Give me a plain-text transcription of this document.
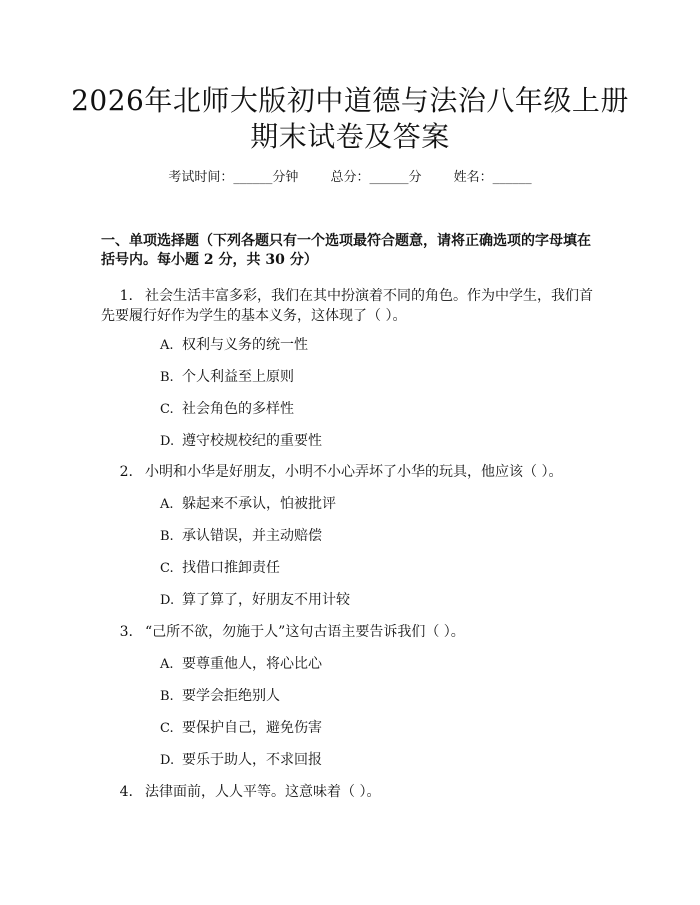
2026年北师大版初中道德与法治八年级上册
期末试卷及答案
考试时间：______分钟 总分：______分 姓名：______
一、单项选择题（下列各题只有一个选项最符合题意，请将正确选项的字母填在
括号内。每小题 2 分，共 30 分）
1. 社会生活丰富多彩，我们在其中扮演着不同的角色。作为中学生，我们首
先要履行好作为学生的基本义务，这体现了（ ）。
A. 权利与义务的统一性
B. 个人利益至上原则
C. 社会角色的多样性
D. 遵守校规校纪的重要性
2. 小明和小华是好朋友，小明不小心弄坏了小华的玩具，他应该（ ）。
A. 躲起来不承认，怕被批评
B. 承认错误，并主动赔偿
C. 找借口推卸责任
D. 算了算了，好朋友不用计较
3. “己所不欲，勿施于人”这句古语主要告诉我们（ ）。
A. 要尊重他人，将心比心
B. 要学会拒绝别人
C. 要保护自己，避免伤害
D. 要乐于助人，不求回报
4. 法律面前，人人平等。这意味着（ ）。
